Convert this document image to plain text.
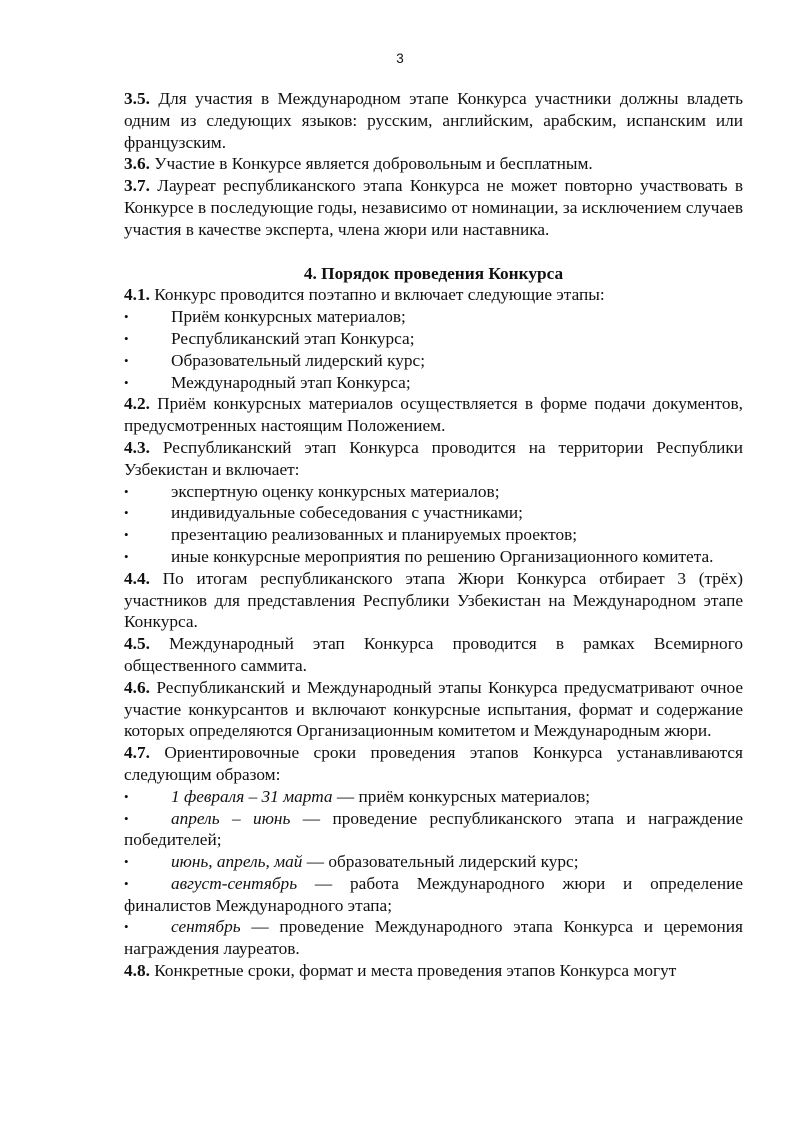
3

3.5. Для участия в Международном этапе Конкурса участники должны владеть одним из следующих языков: русским, английским, арабским, испанским или французским.

3.6. Участие в Конкурсе является добровольным и бесплатным.

3.7. Лауреат республиканского этапа Конкурса не может повторно участвовать в Конкурсе в последующие годы, независимо от номинации, за исключением случаев участия в качестве эксперта, члена жюри или наставника.

4. Порядок проведения Конкурса

4.1. Конкурс проводится поэтапно и включает следующие этапы:

• Приём конкурсных материалов;

• Республиканский этап Конкурса;

• Образовательный лидерский курс;

• Международный этап Конкурса;

4.2. Приём конкурсных материалов осуществляется в форме подачи документов, предусмотренных настоящим Положением.

4.3. Республиканский этап Конкурса проводится на территории Республики Узбекистан и включает:

• экспертную оценку конкурсных материалов;

• индивидуальные собеседования с участниками;

• презентацию реализованных и планируемых проектов;

• иные конкурсные мероприятия по решению Организационного комитета.

4.4. По итогам республиканского этапа Жюри Конкурса отбирает 3 (трёх) участников для представления Республики Узбекистан на Международном этапе Конкурса.

4.5. Международный этап Конкурса проводится в рамках Всемирного общественного саммита.

4.6. Республиканский и Международный этапы Конкурса предусматривают очное участие конкурсантов и включают конкурсные испытания, формат и содержание которых определяются Организационным комитетом и Международным жюри.

4.7. Ориентировочные сроки проведения этапов Конкурса устанавливаются следующим образом:

• 1 февраля – 31 марта — приём конкурсных материалов;

• апрель – июнь — проведение республиканского этапа и награждение победителей;

• июнь, апрель, май — образовательный лидерский курс;

• август-сентябрь — работа Международного жюри и определение финалистов Международного этапа;

• сентябрь — проведение Международного этапа Конкурса и церемония награждения лауреатов.

4.8. Конкретные сроки, формат и места проведения этапов Конкурса могут
